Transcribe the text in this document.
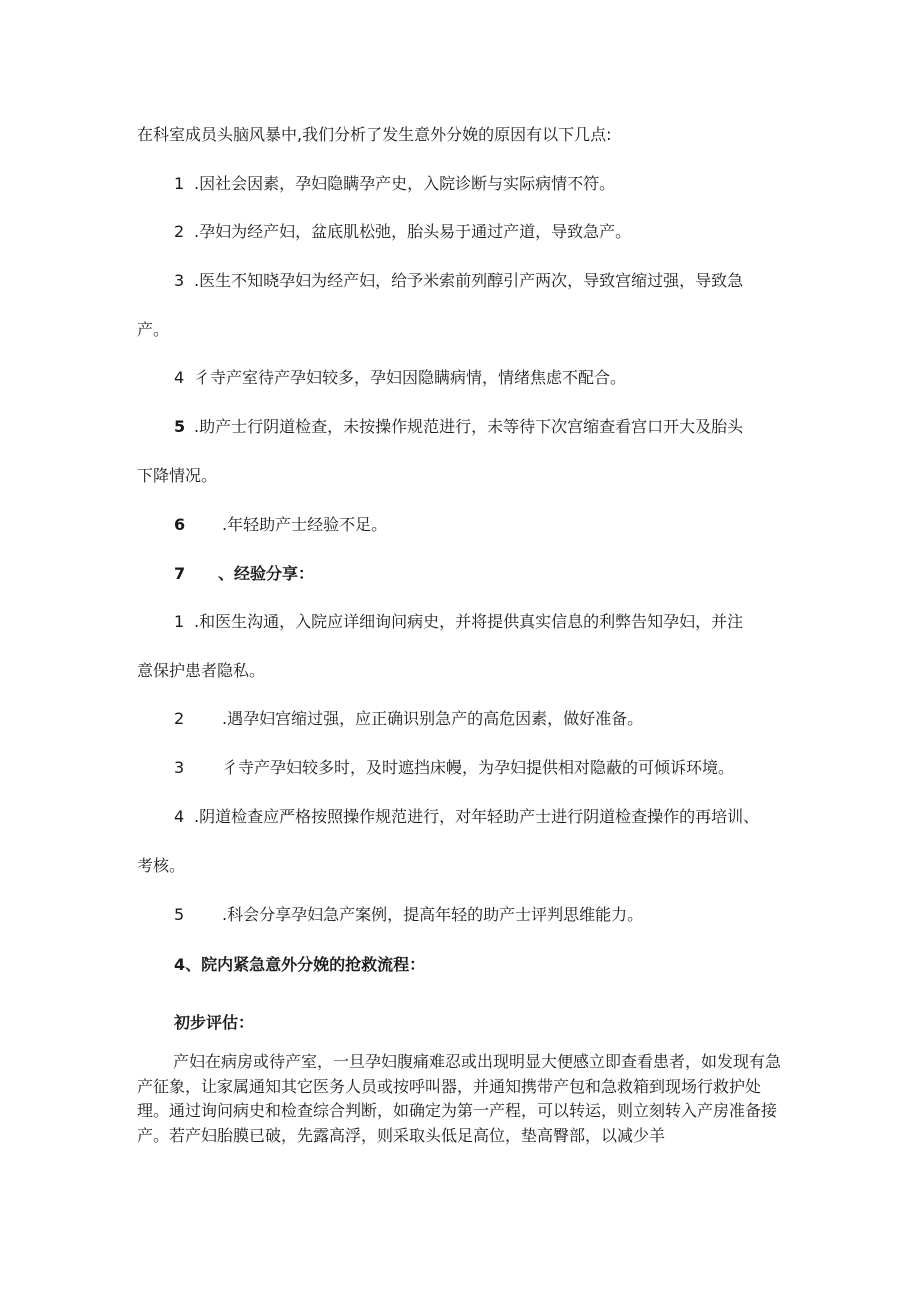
在科室成员头脑风暴中,我们分析了发生意外分娩的原因有以下几点:
1 .因社会因素，孕妇隐瞒孕产史，入院诊断与实际病情不符。
2 .孕妇为经产妇，盆底肌松弛，胎头易于通过产道，导致急产。
3 .医生不知晓孕妇为经产妇，给予米索前列醇引产两次，导致宫缩过强，导致急
产。
4 彳寺产室待产孕妇较多，孕妇因隐瞒病情，情绪焦虑不配合。
5 .助产士行阴道检查，未按操作规范进行，未等待下次宫缩查看宫口开大及胎头
下降情况。
6 .年轻助产士经验不足。
7 、经验分享：
1 .和医生沟通，入院应详细询问病史，并将提供真实信息的利弊告知孕妇，并注
意保护患者隐私。
2 .遇孕妇宫缩过强，应正确识别急产的高危因素，做好准备。
3 彳寺产孕妇较多时，及时遮挡床幔，为孕妇提供相对隐蔽的可倾诉环境。
4 .阴道检查应严格按照操作规范进行，对年轻助产士进行阴道检查操作的再培训、
考核。
5 .科会分享孕妇急产案例，提高年轻的助产士评判思维能力。
4、院内紧急意外分娩的抢救流程：
初步评估：
产妇在病房或待产室，一旦孕妇腹痛难忍或出现明显大便感立即查看患者，如发现有急产征象，让家属通知其它医务人员或按呼叫器，并通知携带产包和急救箱到现场行救护处理。通过询问病史和检查综合判断，如确定为第一产程，可以转运，则立刻转入产房准备接产。若产妇胎膜已破，先露高浮，则采取头低足高位，垫高臀部，以减少羊
